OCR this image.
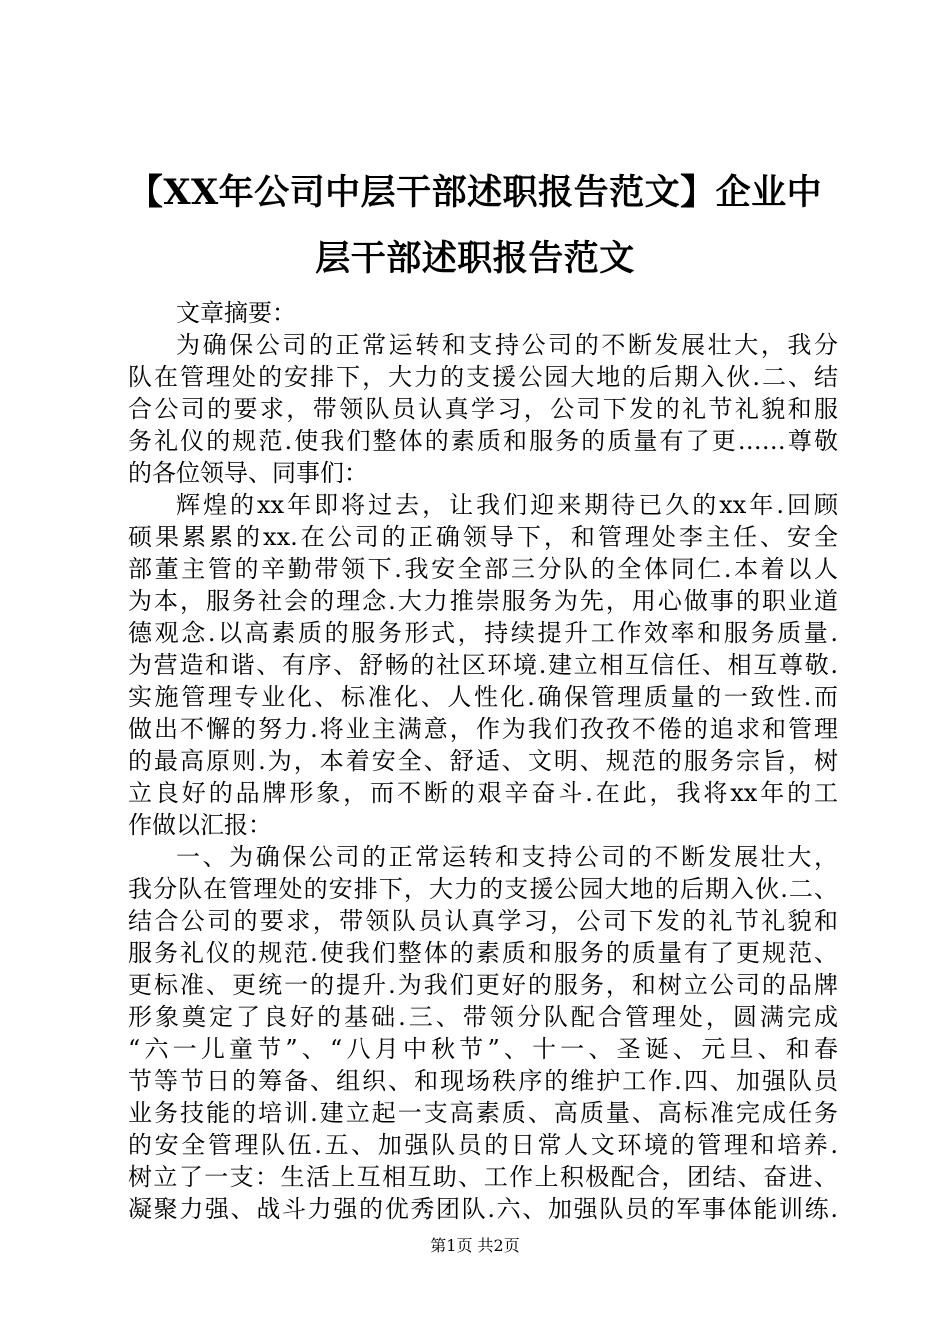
【XX年公司中层干部述职报告范文】企业中
层干部述职报告范文
文章摘要：
为确保公司的正常运转和支持公司的不断发展壮大，我分
队在管理处的安排下，大力的支援公园大地的后期入伙.二、结
合公司的要求，带领队员认真学习，公司下发的礼节礼貌和服
务礼仪的规范.使我们整体的素质和服务的质量有了更……尊敬
的各位领导、同事们：
辉煌的xx年即将过去，让我们迎来期待已久的xx年.回顾
硕果累累的xx.在公司的正确领导下，和管理处李主任、安全
部董主管的辛勤带领下.我安全部三分队的全体同仁.本着以人
为本，服务社会的理念.大力推崇服务为先，用心做事的职业道
德观念.以高素质的服务形式，持续提升工作效率和服务质量.
为营造和谐、有序、舒畅的社区环境.建立相互信任、相互尊敬.
实施管理专业化、标准化、人性化.确保管理质量的一致性.而
做出不懈的努力.将业主满意，作为我们孜孜不倦的追求和管理
的最高原则.为，本着安全、舒适、文明、规范的服务宗旨，树
立良好的品牌形象，而不断的艰辛奋斗.在此，我将xx年的工
作做以汇报：
一、为确保公司的正常运转和支持公司的不断发展壮大，
我分队在管理处的安排下，大力的支援公园大地的后期入伙.二、
结合公司的要求，带领队员认真学习，公司下发的礼节礼貌和
服务礼仪的规范.使我们整体的素质和服务的质量有了更规范、
更标准、更统一的提升.为我们更好的服务，和树立公司的品牌
形象奠定了良好的基础.三、带领分队配合管理处，圆满完成
“六一儿童节”、“八月中秋节”、十一、圣诞、元旦、和春
节等节日的筹备、组织、和现场秩序的维护工作.四、加强队员
业务技能的培训.建立起一支高素质、高质量、高标准完成任务
的安全管理队伍.五、加强队员的日常人文环境的管理和培养.
树立了一支：生活上互相互助、工作上积极配合，团结、奋进、
凝聚力强、战斗力强的优秀团队.六、加强队员的军事体能训练.
第1页 共2页
